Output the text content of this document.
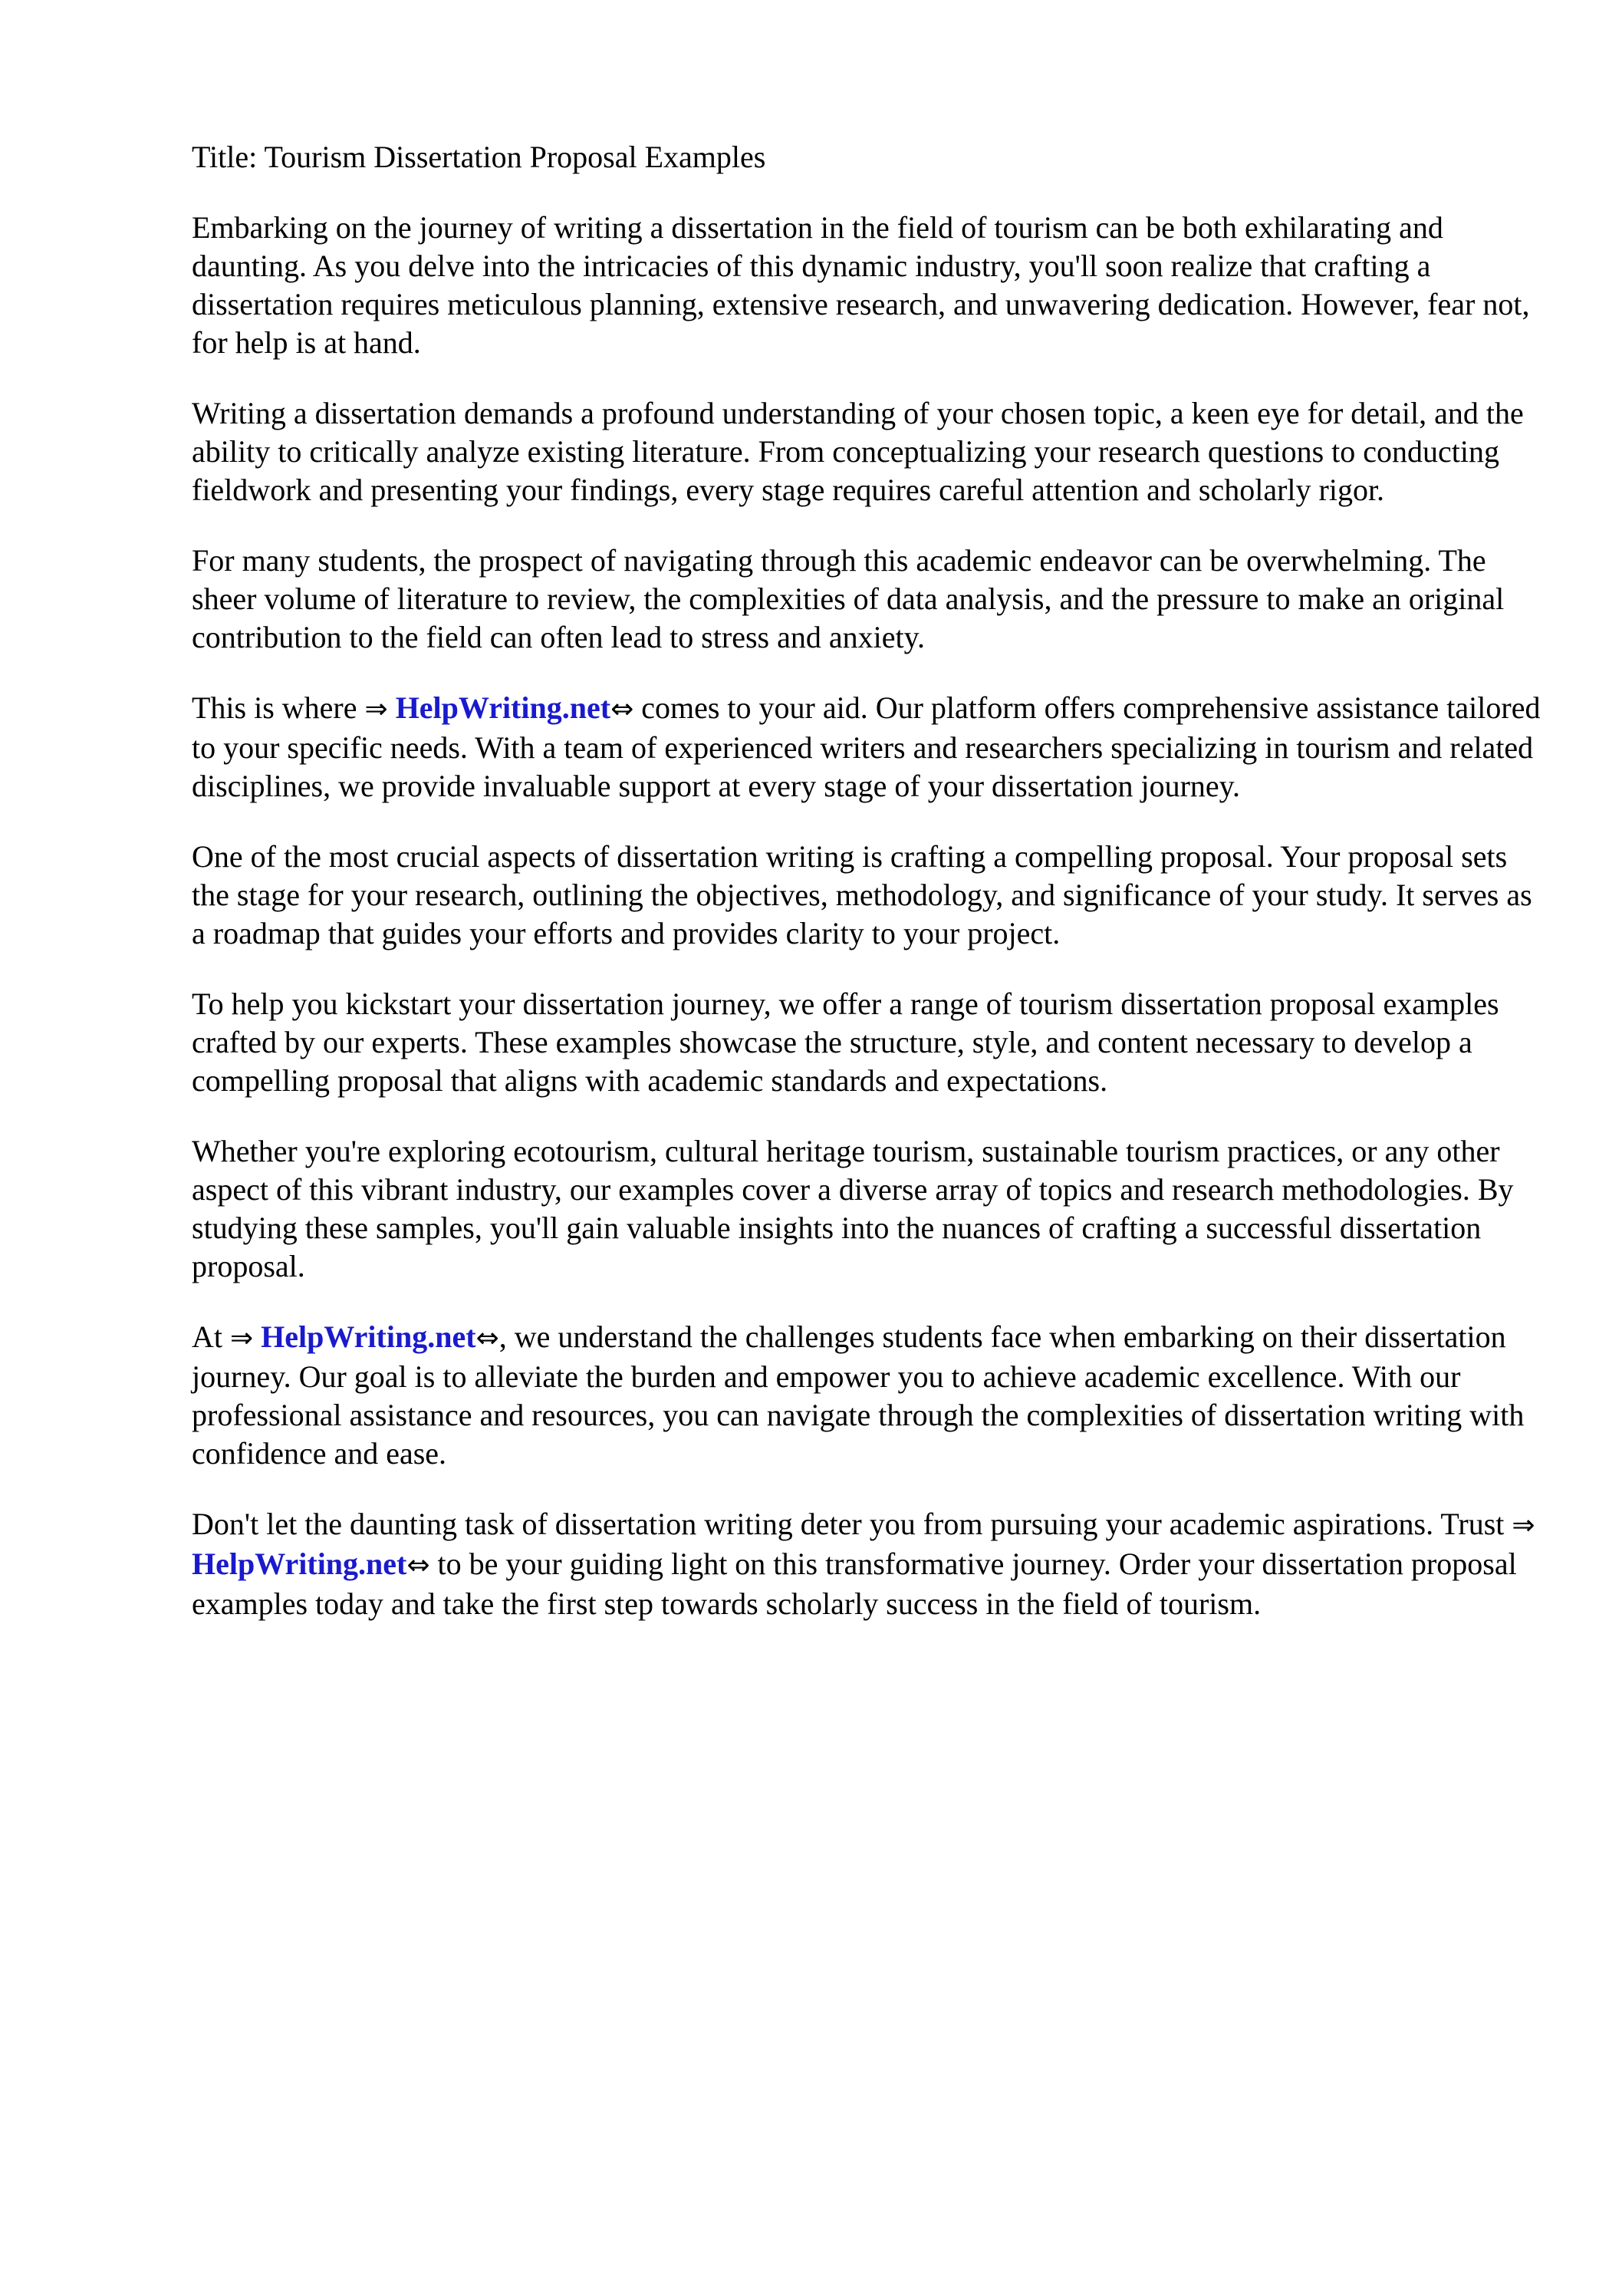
Title: Tourism Dissertation Proposal Examples

Embarking on the journey of writing a dissertation in the field of tourism can be both exhilarating and daunting. As you delve into the intricacies of this dynamic industry, you'll soon realize that crafting a dissertation requires meticulous planning, extensive research, and unwavering dedication. However, fear not, for help is at hand.

Writing a dissertation demands a profound understanding of your chosen topic, a keen eye for detail, and the ability to critically analyze existing literature. From conceptualizing your research questions to conducting fieldwork and presenting your findings, every stage requires careful attention and scholarly rigor.

For many students, the prospect of navigating through this academic endeavor can be overwhelming. The sheer volume of literature to review, the complexities of data analysis, and the pressure to make an original contribution to the field can often lead to stress and anxiety.

This is where ⇒ HelpWriting.net⇔ comes to your aid. Our platform offers comprehensive assistance tailored to your specific needs. With a team of experienced writers and researchers specializing in tourism and related disciplines, we provide invaluable support at every stage of your dissertation journey.

One of the most crucial aspects of dissertation writing is crafting a compelling proposal. Your proposal sets the stage for your research, outlining the objectives, methodology, and significance of your study. It serves as a roadmap that guides your efforts and provides clarity to your project.

To help you kickstart your dissertation journey, we offer a range of tourism dissertation proposal examples crafted by our experts. These examples showcase the structure, style, and content necessary to develop a compelling proposal that aligns with academic standards and expectations.

Whether you're exploring ecotourism, cultural heritage tourism, sustainable tourism practices, or any other aspect of this vibrant industry, our examples cover a diverse array of topics and research methodologies. By studying these samples, you'll gain valuable insights into the nuances of crafting a successful dissertation proposal.

At ⇒ HelpWriting.net⇔, we understand the challenges students face when embarking on their dissertation journey. Our goal is to alleviate the burden and empower you to achieve academic excellence. With our professional assistance and resources, you can navigate through the complexities of dissertation writing with confidence and ease.

Don't let the daunting task of dissertation writing deter you from pursuing your academic aspirations. Trust ⇒ HelpWriting.net⇔ to be your guiding light on this transformative journey. Order your dissertation proposal examples today and take the first step towards scholarly success in the field of tourism.
